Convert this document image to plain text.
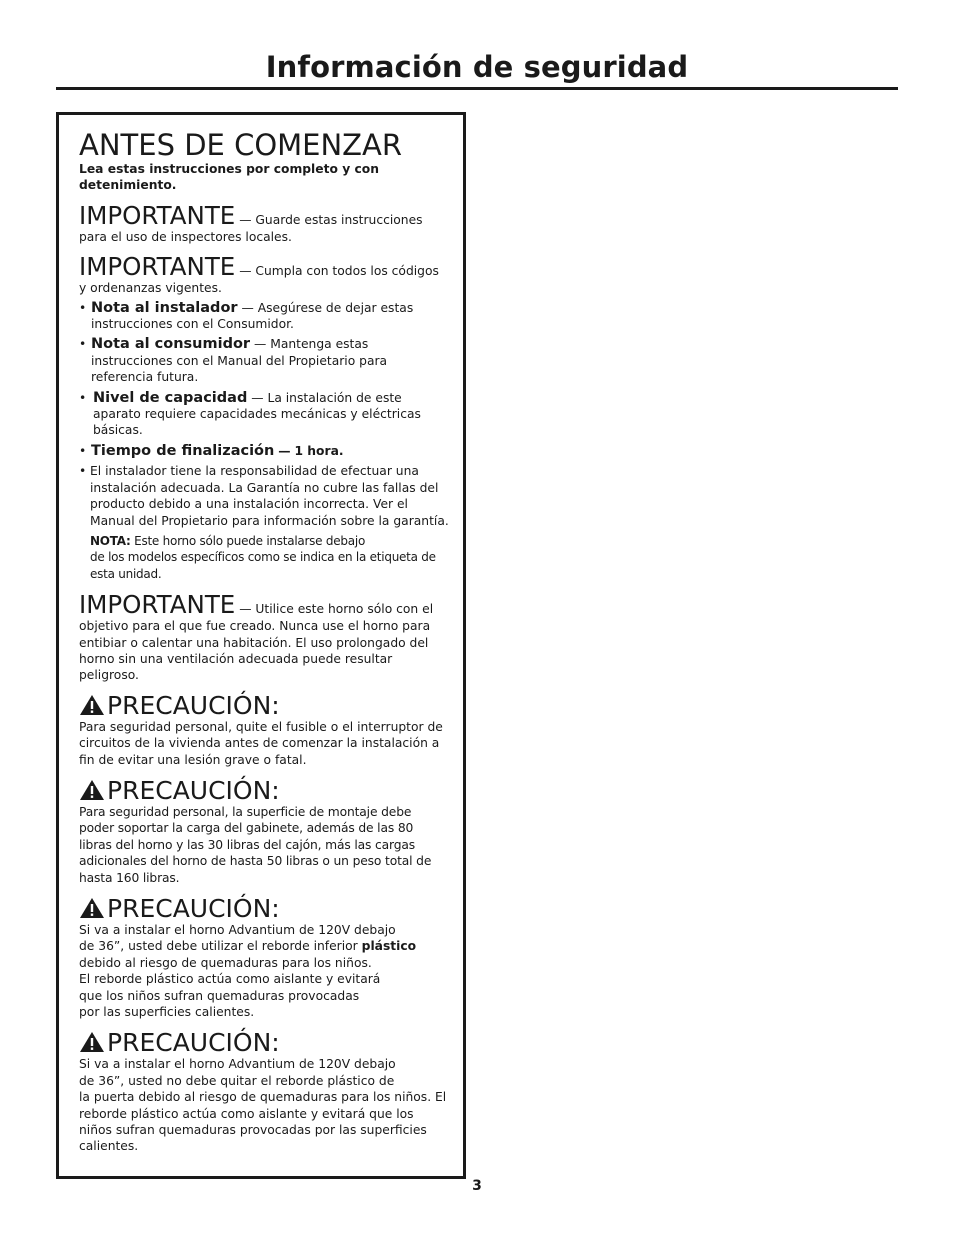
Información de seguridad
ANTES DE COMENZAR
Lea estas instrucciones por completo y con detenimiento.
IMPORTANTE — Guarde estas instrucciones para el uso de inspectores locales.
IMPORTANTE — Cumpla con todos los códigos y ordenanzas vigentes.
• Nota al instalador — Asegúrese de dejar estas instrucciones con el Consumidor.
• Nota al consumidor — Mantenga estas instrucciones con el Manual del Propietario para referencia futura.
• Nivel de capacidad — La instalación de este aparato requiere capacidades mecánicas y eléctricas básicas.
• Tiempo de finalización — 1 hora.
• El instalador tiene la responsabilidad de efectuar una instalación adecuada. La Garantía no cubre las fallas del producto debido a una instalación incorrecta. Ver el Manual del Propietario para información sobre la garantía.
NOTA: Este horno sólo puede instalarse debajo
de los modelos específicos como se indica en la etiqueta de esta unidad.
IMPORTANTE — Utilice este horno sólo con el objetivo para el que fue creado. Nunca use el horno para entibiar o calentar una habitación. El uso prolongado del horno sin una ventilación adecuada puede resultar peligroso.
PRECAUCIÓN:
Para seguridad personal, quite el fusible o el interruptor de circuitos de la vivienda antes de comenzar la instalación a fin de evitar una lesión grave o fatal.
PRECAUCIÓN:
Para seguridad personal, la superficie de montaje debe poder soportar la carga del gabinete, además de las 80 libras del horno y las 30 libras del cajón, más las cargas adicionales del horno de hasta 50 libras o un peso total de hasta 160 libras.
PRECAUCIÓN:
Si va a instalar el horno Advantium de 120V debajo
de 36”, usted debe utilizar el reborde inferior plástico
debido al riesgo de quemaduras para los niños.
El reborde plástico actúa como aislante y evitará
que los niños sufran quemaduras provocadas
por las superficies calientes.
PRECAUCIÓN:
Si va a instalar el horno Advantium de 120V debajo
de 36”, usted no debe quitar el reborde plástico de
la puerta debido al riesgo de quemaduras para los niños. El reborde plástico actúa como aislante y evitará que los niños sufran quemaduras provocadas por las superficies calientes.
3
